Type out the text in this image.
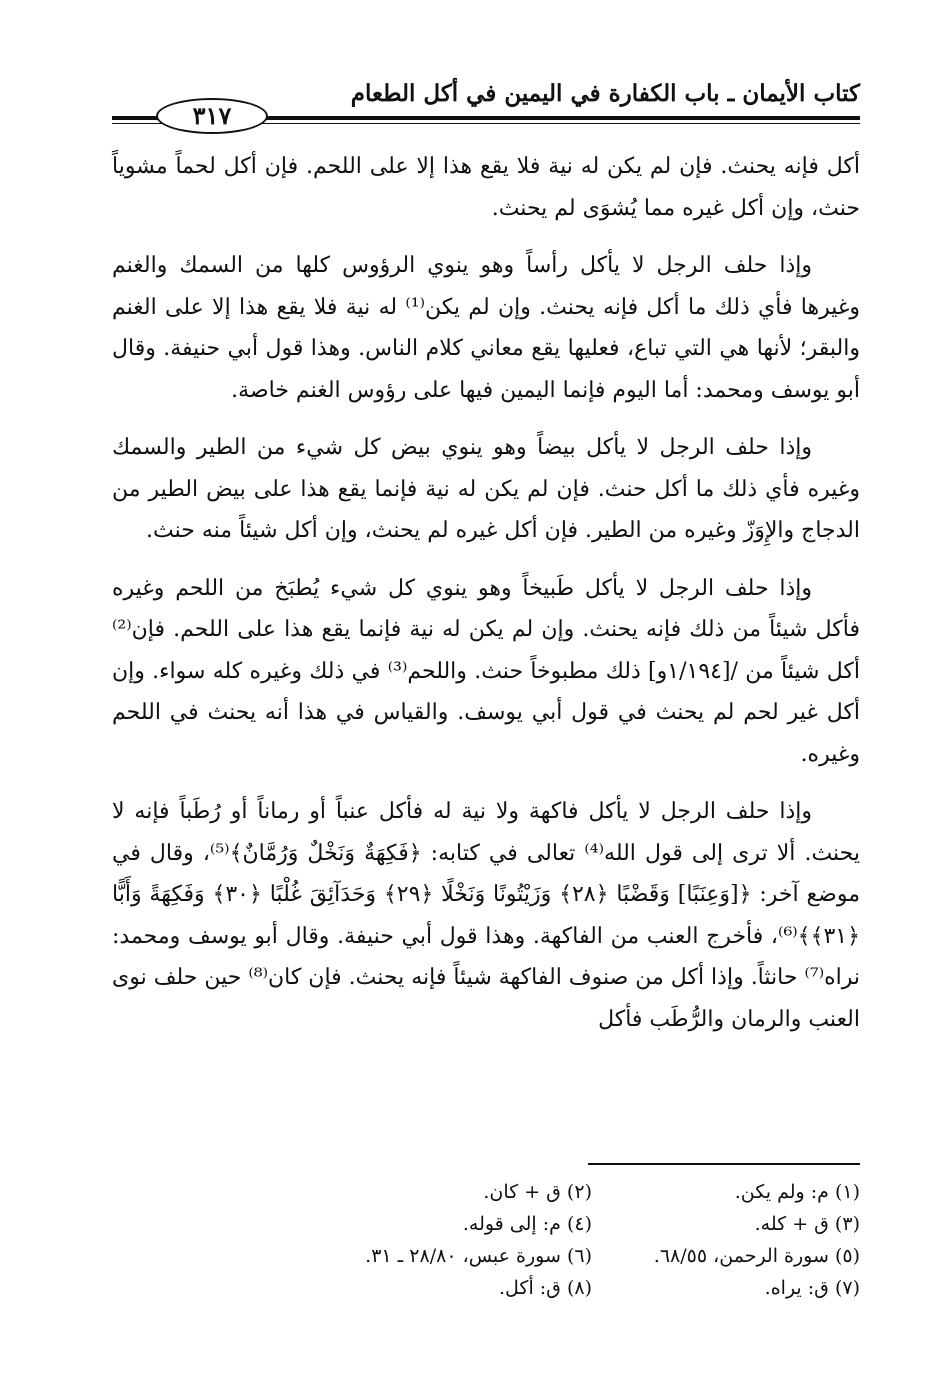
كتاب الأيمان ـ باب الكفارة في اليمين في أكل الطعام
٣١٧

أكل فإنه يحنث. فإن لم يكن له نية فلا يقع هذا إلا على اللحم. فإن أكل لحماً مشوياً حنث، وإن أكل غيره مما يُشوَى لم يحنث.

وإذا حلف الرجل لا يأكل رأساً وهو ينوي الرؤوس كلها من السمك والغنم وغيرها فأي ذلك ما أكل فإنه يحنث. وإن لم يكن⁽¹⁾ له نية فلا يقع هذا إلا على الغنم والبقر؛ لأنها هي التي تباع، فعليها يقع معاني كلام الناس. وهذا قول أبي حنيفة. وقال أبو يوسف ومحمد: أما اليوم فإنما اليمين فيها على رؤوس الغنم خاصة.

وإذا حلف الرجل لا يأكل بيضاً وهو ينوي بيض كل شيء من الطير والسمك وغيره فأي ذلك ما أكل حنث. فإن لم يكن له نية فإنما يقع هذا على بيض الطير من الدجاج والإِوَزّ وغيره من الطير. فإن أكل غيره لم يحنث، وإن أكل شيئاً منه حنث.

وإذا حلف الرجل لا يأكل طَبيخاً وهو ينوي كل شيء يُطبَخ من اللحم وغيره فأكل شيئاً من ذلك فإنه يحنث. وإن لم يكن له نية فإنما يقع هذا على اللحم. فإن⁽²⁾ أكل شيئاً من /[١/١٩٤و] ذلك مطبوخاً حنث. واللحم⁽³⁾ في ذلك وغيره كله سواء. وإن أكل غير لحم لم يحنث في قول أبي يوسف. والقياس في هذا أنه يحنث في اللحم وغيره.

وإذا حلف الرجل لا يأكل فاكهة ولا نية له فأكل عنباً أو رماناً أو رُطَباً فإنه لا يحنث. ألا ترى إلى قول الله⁽⁴⁾ تعالى في كتابه: ﴿فَكِهَةٌ وَنَخْلٌ وَرُمَّانٌ﴾⁽⁵⁾، وقال في موضع آخر: ﴿[وَعِنَبًا] وَقَضْبًا ﴿٢٨﴾ وَزَيْتُونًا وَنَخْلًا ﴿٢٩﴾ وَحَدَآئِقَ غُلْبًا ﴿٣٠﴾ وَفَكِهَةً وَأَبًّا ﴿٣١﴾﴾⁽⁶⁾، فأخرج العنب من الفاكهة. وهذا قول أبي حنيفة. وقال أبو يوسف ومحمد: نراه⁽⁷⁾ حانثاً. وإذا أكل من صنوف الفاكهة شيئاً فإنه يحنث. فإن كان⁽⁸⁾ حين حلف نوى العنب والرمان والرُّطَب فأكل

(١) م: ولم يكن.
(٢) ق + كان.
(٣) ق + كله.
(٤) م: إلى قوله.
(٥) سورة الرحمن، ٦٨/٥٥.
(٦) سورة عبس، ٢٨/٨٠ ـ ٣١.
(٧) ق: يراه.
(٨) ق: أكل.
